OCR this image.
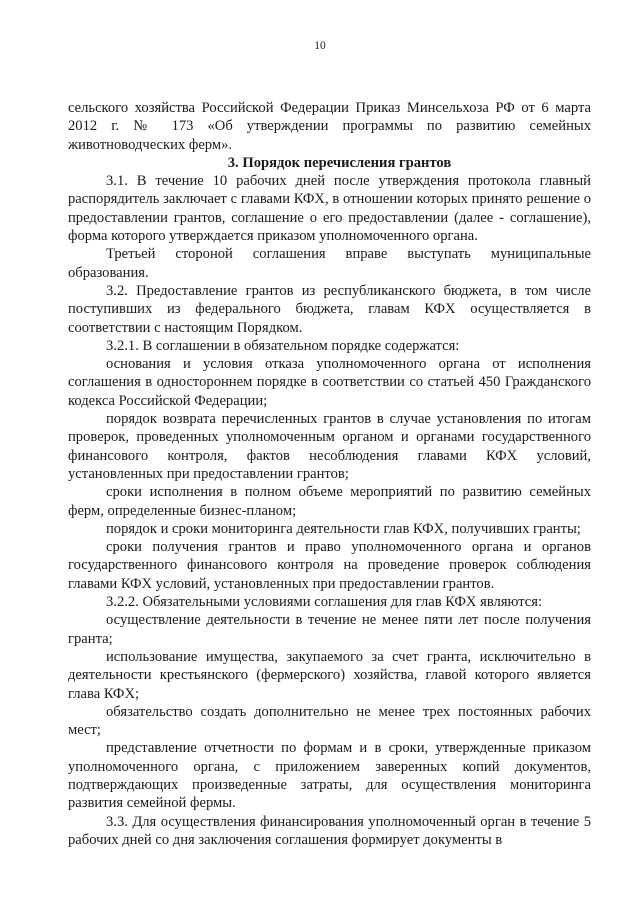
10

сельского хозяйства Российской Федерации Приказ Минсельхоза РФ от 6 марта 2012 г. № 173 «Об утверждении программы по развитию семейных животноводческих ферм».

3. Порядок перечисления грантов

3.1. В течение 10 рабочих дней после утверждения протокола главный распорядитель заключает с главами КФХ, в отношении которых принято решение о предоставлении грантов, соглашение о его предоставлении (далее - соглашение), форма которого утверждается приказом уполномоченного органа.

Третьей стороной соглашения вправе выступать муниципальные образования.

3.2. Предоставление грантов из республиканского бюджета, в том числе поступивших из федерального бюджета, главам КФХ осуществляется в соответствии с настоящим Порядком.

3.2.1. В соглашении в обязательном порядке содержатся:

основания и условия отказа уполномоченного органа от исполнения соглашения в одностороннем порядке в соответствии со статьей 450 Гражданского кодекса Российской Федерации;

порядок возврата перечисленных грантов в случае установления по итогам проверок, проведенных уполномоченным органом и органами государственного финансового контроля, фактов несоблюдения главами КФХ условий, установленных при предоставлении грантов;

сроки исполнения в полном объеме мероприятий по развитию семейных ферм, определенные бизнес-планом;

порядок и сроки мониторинга деятельности глав КФХ, получивших гранты;

сроки получения грантов и право уполномоченного органа и органов государственного финансового контроля на проведение проверок соблюдения главами КФХ условий, установленных при предоставлении грантов.

3.2.2. Обязательными условиями соглашения для глав КФХ являются:

осуществление деятельности в течение не менее пяти лет после получения гранта;

использование имущества, закупаемого за счет гранта, исключительно в деятельности крестьянского (фермерского) хозяйства, главой которого является глава КФХ;

обязательство создать дополнительно не менее трех постоянных рабочих мест;

представление отчетности по формам и в сроки, утвержденные приказом уполномоченного органа, с приложением заверенных копий документов, подтверждающих произведенные затраты, для осуществления мониторинга развития семейной фермы.

3.3. Для осуществления финансирования уполномоченный орган в течение 5 рабочих дней со дня заключения соглашения формирует документы в
